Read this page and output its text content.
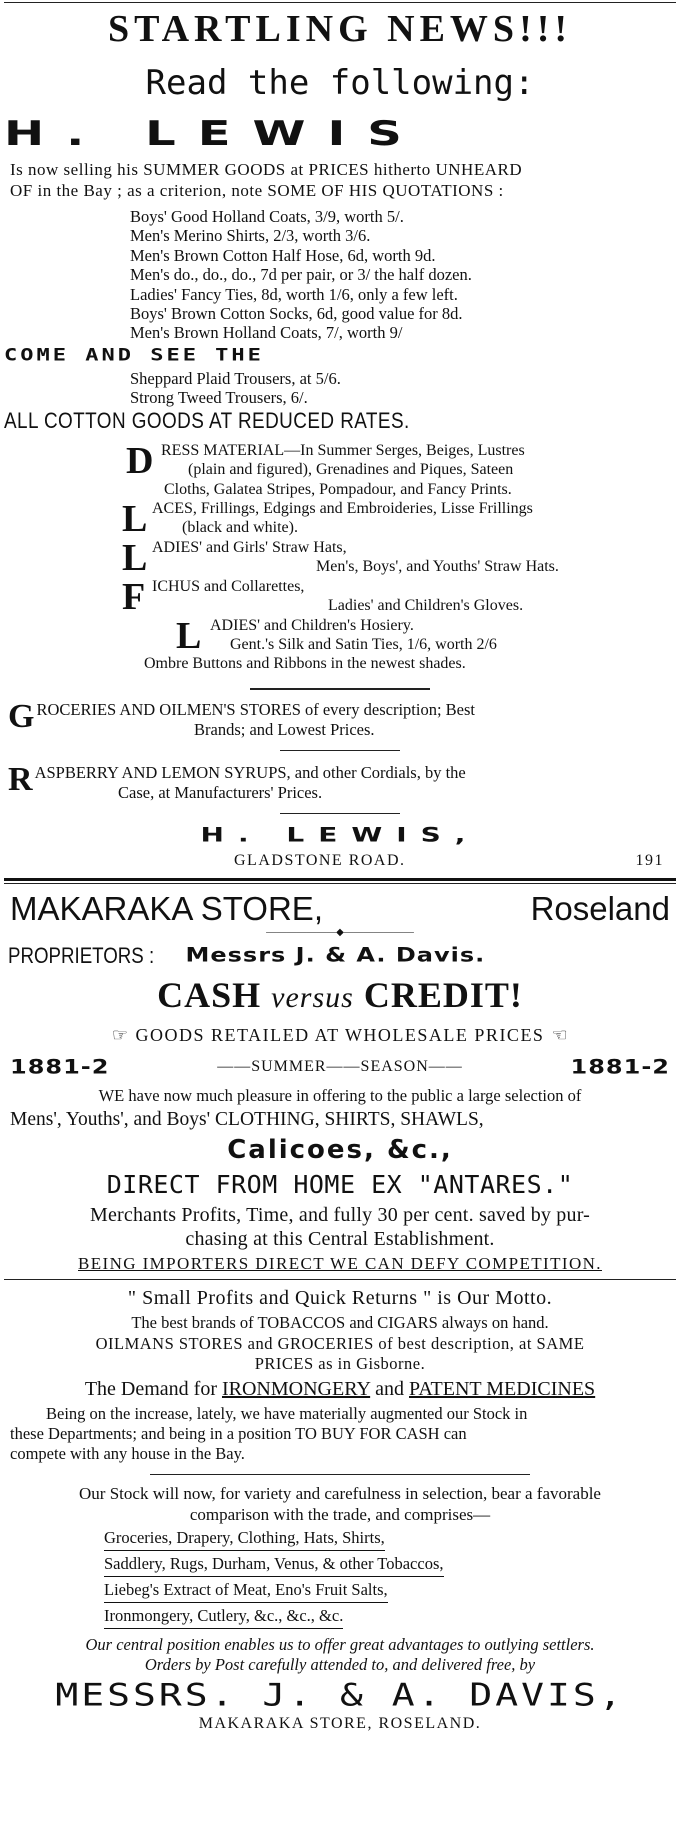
STARTLING NEWS!!!
Read the following:
H. LEWIS
Is now selling his SUMMER GOODS at PRICES hitherto UNHEARD
OF in the Bay ; as a criterion, note SOME OF HIS QUOTATIONS :
Boys' Good Holland Coats, 3/9, worth 5/.
Men's Merino Shirts, 2/3, worth 3/6.
Men's Brown Cotton Half Hose, 6d, worth 9d.
Men's do., do., do., 7d per pair, or 3/ the half dozen.
Ladies' Fancy Ties, 8d, worth 1/6, only a few left.
Boys' Brown Cotton Socks, 6d, good value for 8d.
Men's Brown Holland Coats, 7/, worth 9/
COME AND SEE THE
Sheppard Plaid Trousers, at 5/6.
Strong Tweed Trousers, 6/.
ALL COTTON GOODS AT REDUCED RATES.
D RESS MATERIAL—In Summer Serges, Beiges, Lustres
(plain and figured), Grenadines and Piques, Sateen
Cloths, Galatea Stripes, Pompadour, and Fancy Prints.
L ACES, Frillings, Edgings and Embroideries, Lisse Frillings
(black and white).
L ADIES' and Girls' Straw Hats,
Men's, Boys', and Youths' Straw Hats.
F ICHUS and Collarettes,
Ladies' and Children's Gloves.
L ADIES' and Children's Hosiery.
Gent.'s Silk and Satin Ties, 1/6, worth 2/6
Ombre Buttons and Ribbons in the newest shades.
G ROCERIES AND OILMEN'S STORES of every description; Best
Brands; and Lowest Prices.
R ASPBERRY AND LEMON SYRUPS, and other Cordials, by the
Case, at Manufacturers' Prices.
H. LEWIS,
GLADSTONE ROAD.	191
MAKARAKA STORE,	Roseland
———————◆———————
PROPRIETORS : Messrs J. & A. Davis.
CASH versus CREDIT!
☞ GOODS RETAILED AT WHOLESALE PRICES ☞
1881-2	——SUMMER——SEASON——	1881-2
WE have now much pleasure in offering to the public a large selection of
Mens', Youths', and Boys' CLOTHING, SHIRTS, SHAWLS,
Calicoes, &c.,
DIRECT FROM HOME EX "ANTARES."
Merchants Profits, Time, and fully 30 per cent. saved by pur-
chasing at this Central Establishment.
BEING IMPORTERS DIRECT WE CAN DEFY COMPETITION.
" Small Profits and Quick Returns " is Our Motto.
The best brands of TOBACCOS and CIGARS always on hand.
OILMANS STORES and GROCERIES of best description, at SAME
PRICES as in Gisborne.
The Demand for IRONMONGERY and PATENT MEDICINES
Being on the increase, lately, we have materially augmented our Stock in
these Departments; and being in a position TO BUY FOR CASH can
compete with any house in the Bay.
Our Stock will now, for variety and carefulness in selection, bear a favorable
comparison with the trade, and comprises—
Groceries, Drapery, Clothing, Hats, Shirts,
Saddlery, Rugs, Durham, Venus, & other Tobaccos,
Liebeg's Extract of Meat, Eno's Fruit Salts,
Ironmongery, Cutlery, &c., &c., &c.
Our central position enables us to offer great advantages to outlying settlers.
Orders by Post carefully attended to, and delivered free, by
MESSRS. J. & A. DAVIS,
MAKARAKA STORE, ROSELAND.
